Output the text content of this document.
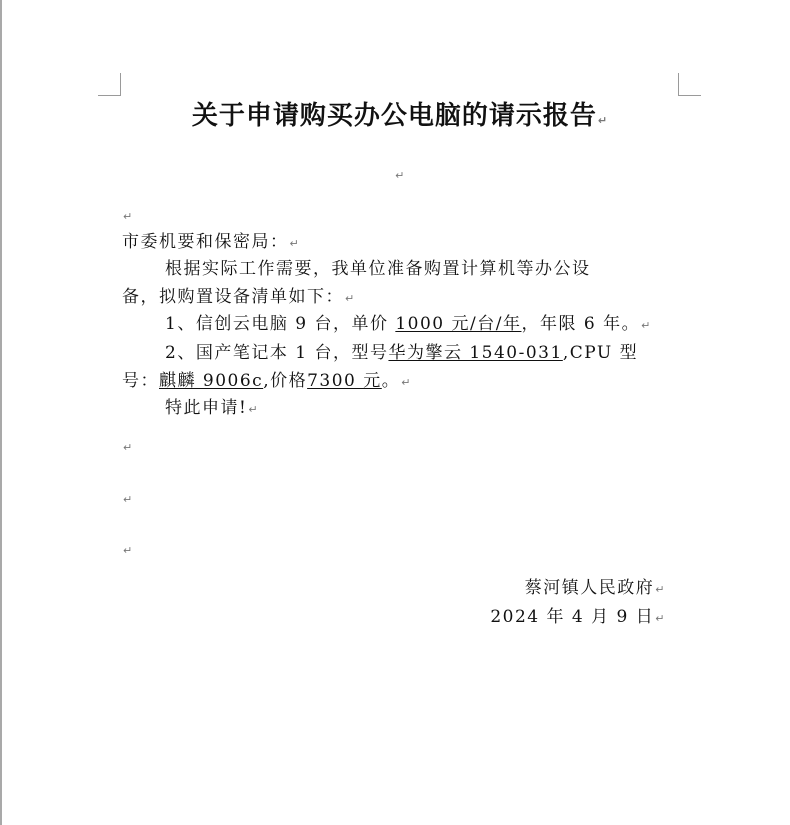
关于申请购买办公电脑的请示报告↵
↵
↵
市委机要和保密局：↵
根据实际工作需要，我单位准备购置计算机等办公设
备，拟购置设备清单如下：↵
1、信创云电脑 9 台，单价 1000 元/台/年，年限 6 年。↵
2、国产笔记本 1 台，型号华为擎云 1540-031,CPU 型
号：麒麟 9006c,价格7300 元。↵
特此申请!↵
↵
↵
↵
蔡河镇人民政府↵
2024 年 4 月 9 日↵
